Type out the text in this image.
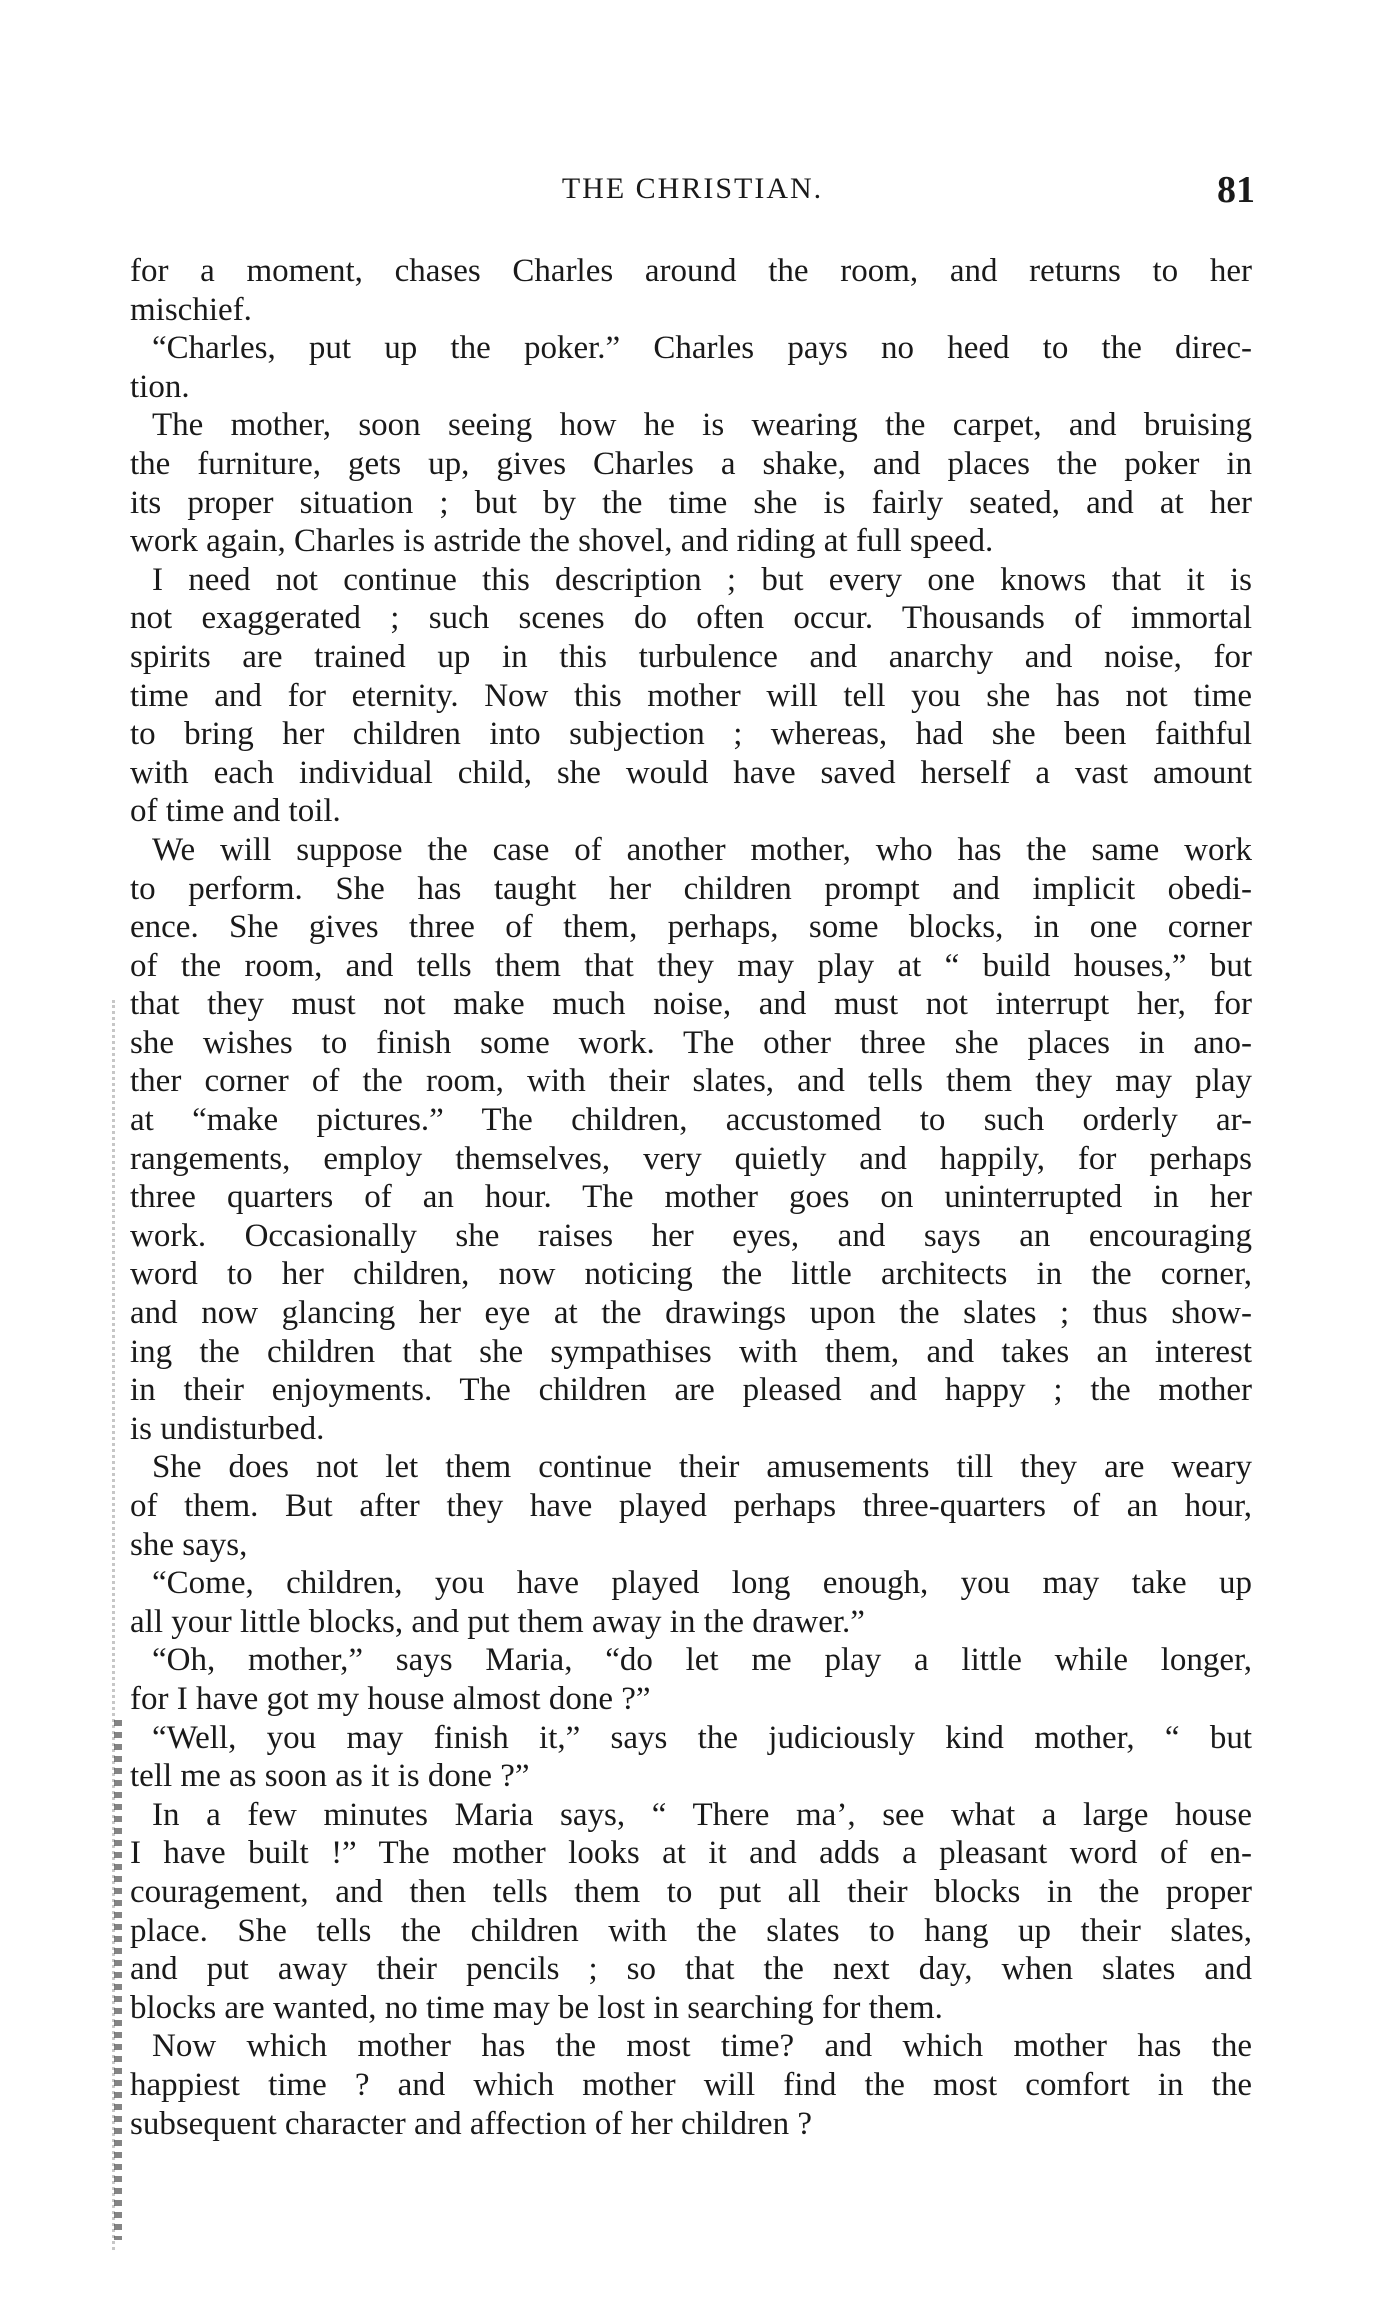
THE CHRISTIAN.	81
for a moment, chases Charles around the room, and returns to her
mischief.
“Charles, put up the poker.” Charles pays no heed to the direc-
tion.
The mother, soon seeing how he is wearing the carpet, and bruising
the furniture, gets up, gives Charles a shake, and places the poker in
its proper situation ; but by the time she is fairly seated, and at her
work again, Charles is astride the shovel, and riding at full speed.
I need not continue this description ; but every one knows that it is
not exaggerated ; such scenes do often occur. Thousands of immortal
spirits are trained up in this turbulence and anarchy and noise, for
time and for eternity. Now this mother will tell you she has not time
to bring her children into subjection ; whereas, had she been faithful
with each individual child, she would have saved herself a vast amount
of time and toil.
We will suppose the case of another mother, who has the same work
to perform. She has taught her children prompt and implicit obedi-
ence. She gives three of them, perhaps, some blocks, in one corner
of the room, and tells them that they may play at “ build houses,” but
that they must not make much noise, and must not interrupt her, for
she wishes to finish some work. The other three she places in ano-
ther corner of the room, with their slates, and tells them they may play
at “make pictures.” The children, accustomed to such orderly ar-
rangements, employ themselves, very quietly and happily, for perhaps
three quarters of an hour. The mother goes on uninterrupted in her
work. Occasionally she raises her eyes, and says an encouraging
word to her children, now noticing the little architects in the corner,
and now glancing her eye at the drawings upon the slates ; thus show-
ing the children that she sympathises with them, and takes an interest
in their enjoyments. The children are pleased and happy ; the mother
is undisturbed.
She does not let them continue their amusements till they are weary
of them. But after they have played perhaps three-quarters of an hour,
she says,
“Come, children, you have played long enough, you may take up
all your little blocks, and put them away in the drawer.”
“Oh, mother,” says Maria, “do let me play a little while longer,
for I have got my house almost done ?”
“Well, you may finish it,” says the judiciously kind mother, “ but
tell me as soon as it is done ?”
In a few minutes Maria says, “ There ma’, see what a large house
I have built !” The mother looks at it and adds a pleasant word of en-
couragement, and then tells them to put all their blocks in the proper
place. She tells the children with the slates to hang up their slates,
and put away their pencils ; so that the next day, when slates and
blocks are wanted, no time may be lost in searching for them.
Now which mother has the most time? and which mother has the
happiest time ? and which mother will find the most comfort in the
subsequent character and affection of her children ?
